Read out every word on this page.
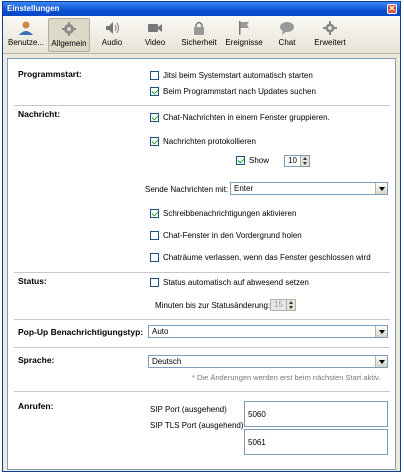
Einstellungen	✕
Benutze... Allgemein	Audio	Video	Sicherheit	Ereignisse	Chat	Erweitert
Programmstart:	Jitsi beim Systemstart automatisch starten
Beim Programmstart nach Updates suchen
Nachricht:	Chat-Nachrichten in einem Fenster gruppieren.
Nachrichten protokollieren
Show	10
Sende Nachrichten mit: Enter
Schreibbenachrichtigungen aktivieren
Chat-Fenster in den Vordergrund holen
Chaträume verlassen, wenn das Fenster geschlossen wird
Status:	Status automatisch auf abwesend setzen
Minuten bis zur Statusänderung: 15
Pop-Up Benachrichtigungstyp:	Auto
Sprache:	Deutsch
* Die Änderungen werden erst beim nächsten Start aktiv.
Anrufen:	SIP Port (ausgehend)
5060
SIP TLS Port (ausgehend)
5061
